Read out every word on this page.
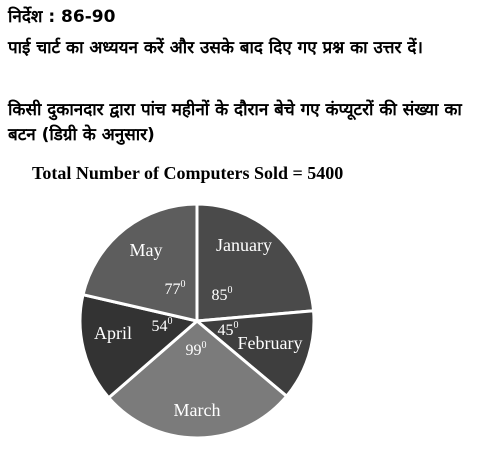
निर्देश : 86-90
पाई चार्ट का अध्ययन करें और उसके बाद दिए गए प्रश्न का उत्तर दें।
किसी दुकानदार द्वारा पांच महीनों के दौरान बेचे गए कंप्यूटरों की संख्या का बटन (डिग्री के अनुसार)
Total Number of Computers Sold = 5400
January
$85^0$
February
$45^0$
March
$99^0$
April $54^0$
May
$77^0$
